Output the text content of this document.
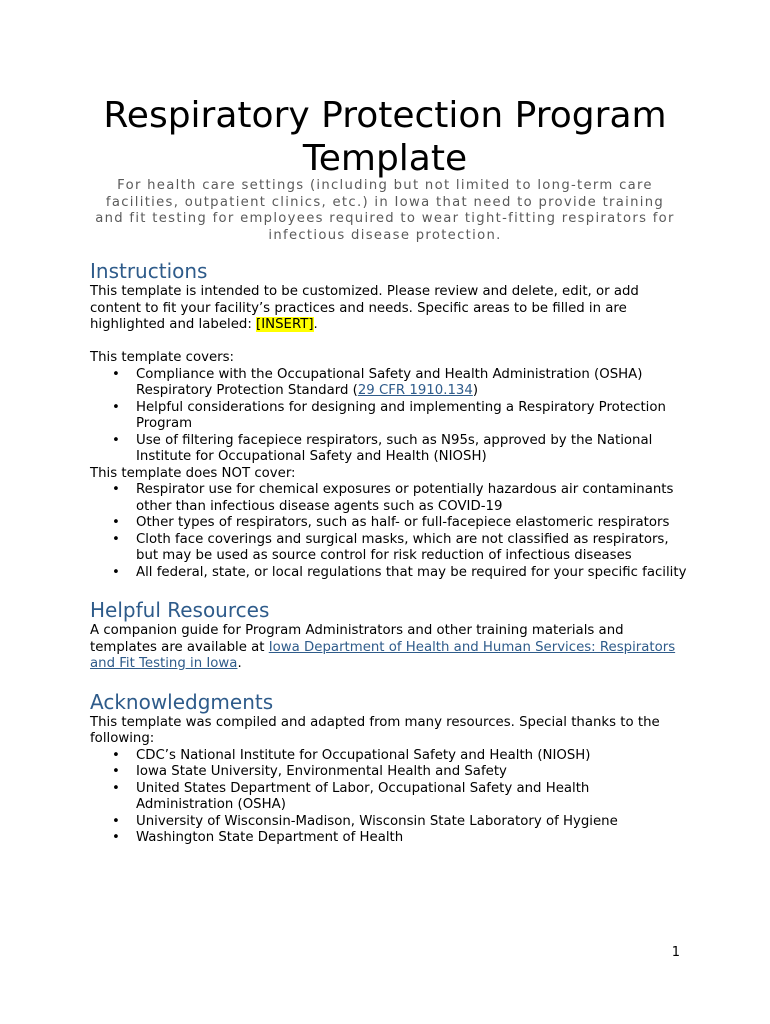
Respiratory Protection Program Template

For health care settings (including but not limited to long-term care facilities, outpatient clinics, etc.) in Iowa that need to provide training and fit testing for employees required to wear tight-fitting respirators for infectious disease protection.

Instructions

This template is intended to be customized. Please review and delete, edit, or add content to fit your facility’s practices and needs. Specific areas to be filled in are highlighted and labeled: [INSERT].

This template covers:

• Compliance with the Occupational Safety and Health Administration (OSHA) Respiratory Protection Standard (29 CFR 1910.134)
• Helpful considerations for designing and implementing a Respiratory Protection Program
• Use of filtering facepiece respirators, such as N95s, approved by the National Institute for Occupational Safety and Health (NIOSH)

This template does NOT cover:

• Respirator use for chemical exposures or potentially hazardous air contaminants other than infectious disease agents such as COVID-19
• Other types of respirators, such as half- or full-facepiece elastomeric respirators
• Cloth face coverings and surgical masks, which are not classified as respirators, but may be used as source control for risk reduction of infectious diseases
• All federal, state, or local regulations that may be required for your specific facility
Helpful Resources

A companion guide for Program Administrators and other training materials and templates are available at Iowa Department of Health and Human Services: Respirators and Fit Testing in Iowa.

Acknowledgments

This template was compiled and adapted from many resources. Special thanks to the following:

• CDC’s National Institute for Occupational Safety and Health (NIOSH)
• Iowa State University, Environmental Health and Safety
• United States Department of Labor, Occupational Safety and Health Administration (OSHA)
• University of Wisconsin-Madison, Wisconsin State Laboratory of Hygiene
• Washington State Department of Health
1
